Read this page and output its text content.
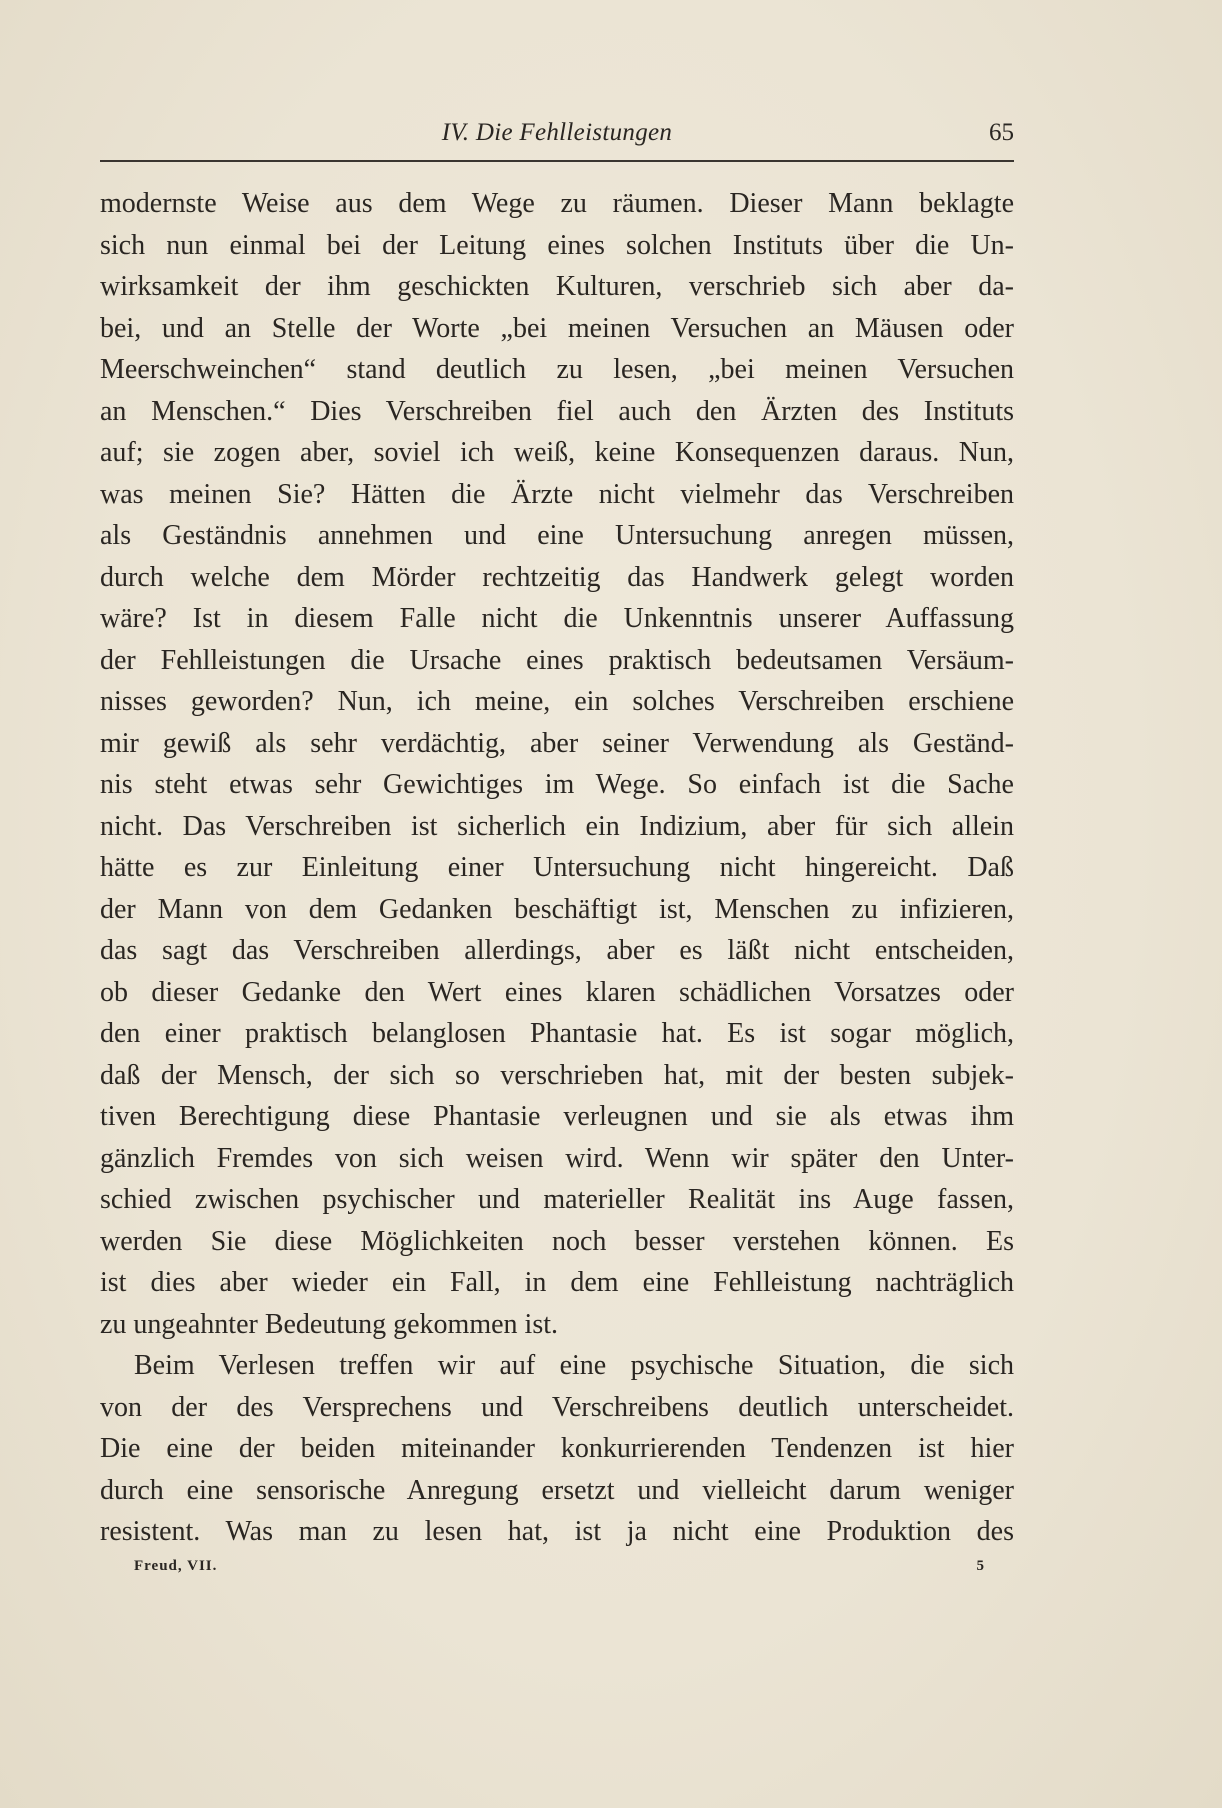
IV. Die Fehlleistungen	65
modernste Weise aus dem Wege zu räumen. Dieser Mann beklagte
sich nun einmal bei der Leitung eines solchen Instituts über die Un-
wirksamkeit der ihm geschickten Kulturen, verschrieb sich aber da-
bei, und an Stelle der Worte „bei meinen Versuchen an Mäusen oder
Meerschweinchen“ stand deutlich zu lesen, „bei meinen Versuchen
an Menschen.“ Dies Verschreiben fiel auch den Ärzten des Instituts
auf; sie zogen aber, soviel ich weiß, keine Konsequenzen daraus. Nun,
was meinen Sie? Hätten die Ärzte nicht vielmehr das Verschreiben
als Geständnis annehmen und eine Untersuchung anregen müssen,
durch welche dem Mörder rechtzeitig das Handwerk gelegt worden
wäre? Ist in diesem Falle nicht die Unkenntnis unserer Auffassung
der Fehlleistungen die Ursache eines praktisch bedeutsamen Versäum-
nisses geworden? Nun, ich meine, ein solches Verschreiben erschiene
mir gewiß als sehr verdächtig, aber seiner Verwendung als Geständ-
nis steht etwas sehr Gewichtiges im Wege. So einfach ist die Sache
nicht. Das Verschreiben ist sicherlich ein Indizium, aber für sich allein
hätte es zur Einleitung einer Untersuchung nicht hingereicht. Daß
der Mann von dem Gedanken beschäftigt ist, Menschen zu infizieren,
das sagt das Verschreiben allerdings, aber es läßt nicht entscheiden,
ob dieser Gedanke den Wert eines klaren schädlichen Vorsatzes oder
den einer praktisch belanglosen Phantasie hat. Es ist sogar möglich,
daß der Mensch, der sich so verschrieben hat, mit der besten subjek-
tiven Berechtigung diese Phantasie verleugnen und sie als etwas ihm
gänzlich Fremdes von sich weisen wird. Wenn wir später den Unter-
schied zwischen psychischer und materieller Realität ins Auge fassen,
werden Sie diese Möglichkeiten noch besser verstehen können. Es
ist dies aber wieder ein Fall, in dem eine Fehlleistung nachträglich
zu ungeahnter Bedeutung gekommen ist.
Beim Verlesen treffen wir auf eine psychische Situation, die sich
von der des Versprechens und Verschreibens deutlich unterscheidet.
Die eine der beiden miteinander konkurrierenden Tendenzen ist hier
durch eine sensorische Anregung ersetzt und vielleicht darum weniger
resistent. Was man zu lesen hat, ist ja nicht eine Produktion des
Freud, VII.	5
